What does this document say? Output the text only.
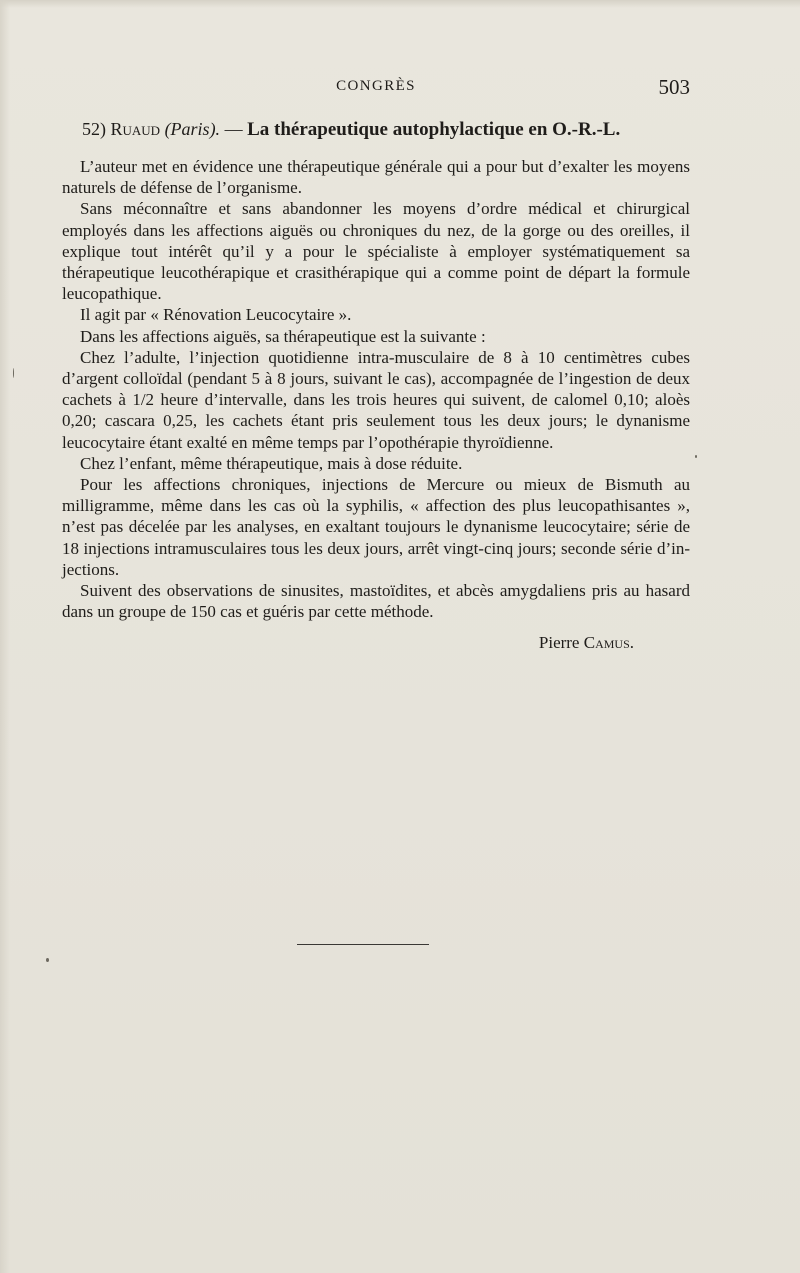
CONGRÈS	503

52) Ruaud (Paris). — La thérapeutique autophylactique en O.-R.-L.

L’auteur met en évidence une thérapeutique générale qui a pour but d’exalter les moyens naturels de défense de l’organisme.

Sans méconnaître et sans abandonner les moyens d’ordre médical et chirurgical employés dans les affections aiguës ou chroniques du nez, de la gorge ou des oreilles, il explique tout intérêt qu’il y a pour le spécialiste à employer systématiquement sa thérapeutique leucothérapique et crasithérapique qui a comme point de départ la formule leucopathique.

Il agit par « Rénovation Leucocytaire ».

Dans les affections aiguës, sa thérapeutique est la suivante :

Chez l’adulte, l’injection quotidienne intra-musculaire de 8 à 10 centimètres cubes d’argent colloïdal (pendant 5 à 8 jours, suivant le cas), accompagnée de l’ingestion de deux cachets à 1/2 heure d’intervalle, dans les trois heures qui suivent, de calomel 0,10; aloès 0,20; cascara 0,25, les cachets étant pris seulement tous les deux jours; le dynanisme leucocytaire étant exalté en même temps par l’opothérapie thyroïdienne.

Chez l’enfant, même thérapeutique, mais à dose réduite.

Pour les affections chroniques, injections de Mercure ou mieux de Bismuth au milligramme, même dans les cas où la syphilis, « affection des plus leucopathisantes », n’est pas décelée par les analyses, en exaltant toujours le dynanisme leucocytaire; série de 18 injections intramusculaires tous les deux jours, arrêt vingt-cinq jours; seconde série d’injections.

Suivent des observations de sinusites, mastoïdites, et abcès amygdaliens pris au hasard dans un groupe de 150 cas et guéris par cette méthode.

Pierre Camus.
